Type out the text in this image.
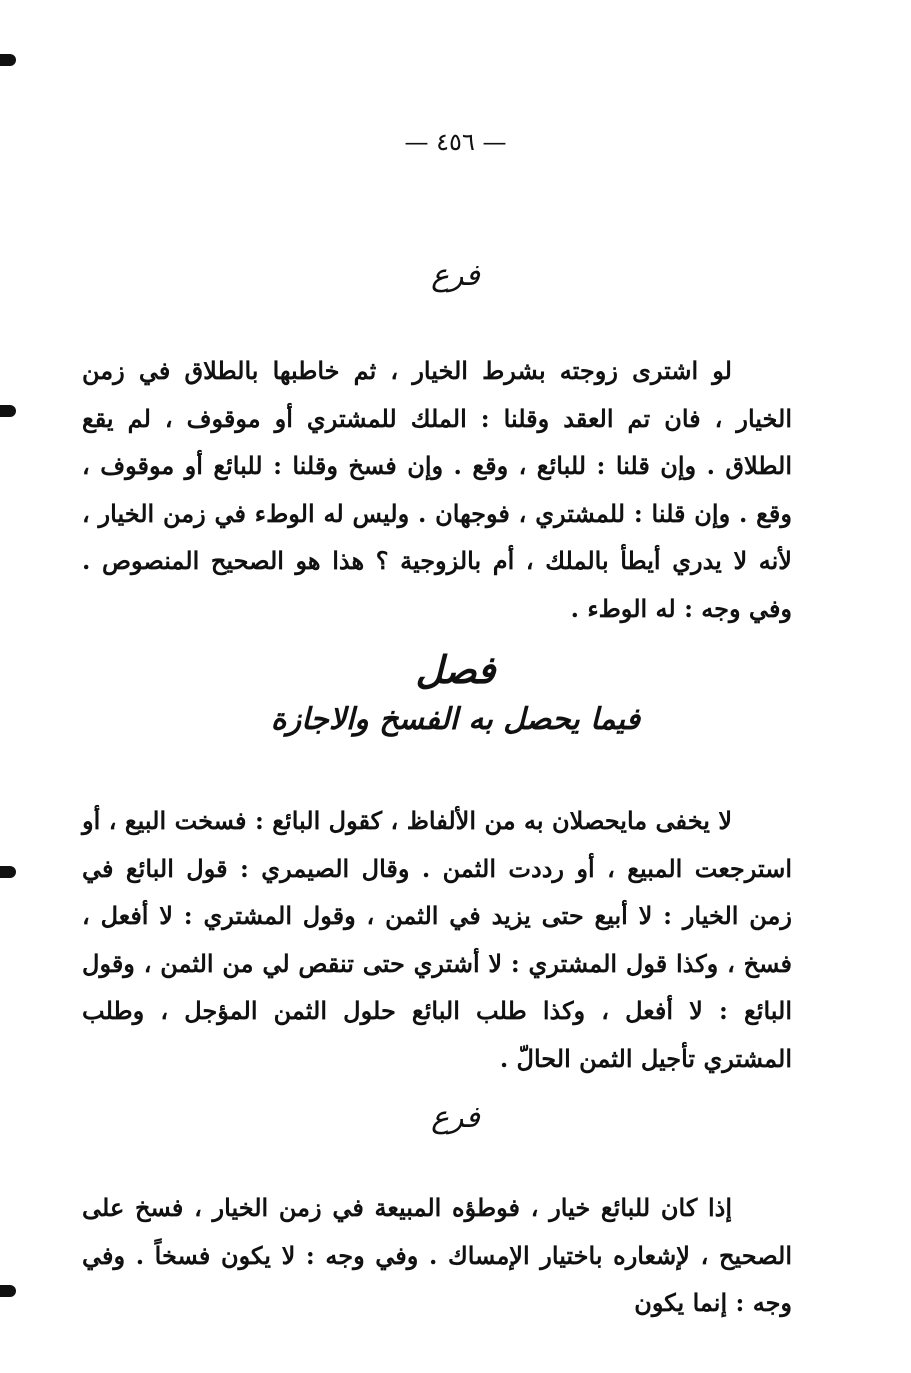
— ٤٥٦ —
فرع

لو اشترى زوجته بشرط الخيار ، ثم خاطبها بالطلاق في زمن الخيار ، فان تم العقد وقلنا : الملك للمشتري أو موقوف ، لم يقع الطلاق . وإن قلنا : للبائع ، وقع . وإن فسخ وقلنا : للبائع أو موقوف ، وقع . وإن قلنا : للمشتري ، فوجهان . وليس له الوطء في زمن الخيار ، لأنه لا يدري أيطأ بالملك ، أم بالزوجية ؟ هذا هو الصحيح المنصوص . وفي وجه : له الوطء .

فصل
فيما يحصل به الفسخ والاجازة

لا يخفى مايحصلان به من الألفاظ ، كقول البائع : فسخت البيع ، أو استرجعت المبيع ، أو رددت الثمن . وقال الصيمري : قول البائع في زمن الخيار : لا أبيع حتى يزيد في الثمن ، وقول المشتري : لا أفعل ، فسخ ، وكذا قول المشتري : لا أشتري حتى تنقص لي من الثمن ، وقول البائع : لا أفعل ، وكذا طلب البائع حلول الثمن المؤجل ، وطلب المشتري تأجيل الثمن الحالّ .

فرع

إذا كان للبائع خيار ، فوطؤه المبيعة في زمن الخيار ، فسخ على الصحيح ، لإشعاره باختيار الإمساك . وفي وجه : لا يكون فسخاً . وفي وجه : إنما يكون
